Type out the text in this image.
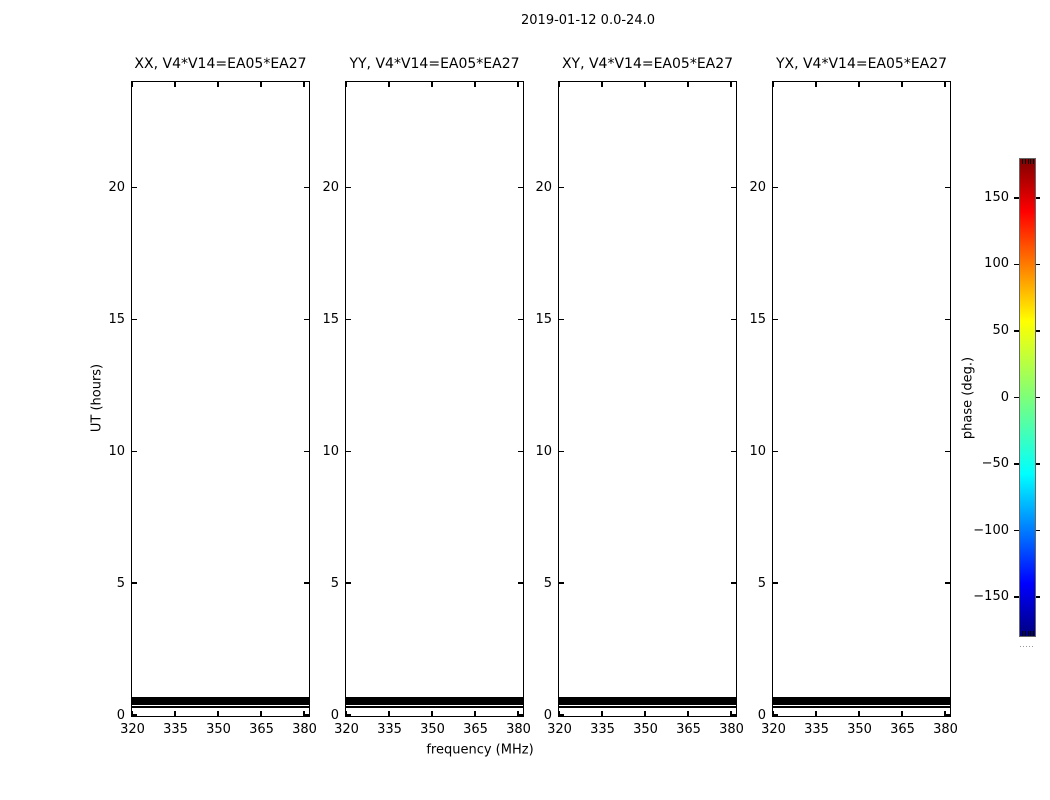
2019-01-12 0.0-24.0
UT (hours)
frequency (MHz)
phase (deg.)
XX, V4*V14=EA05*EA27
320 335 350 365 380
0
5
10
15
20
YY, V4*V14=EA05*EA27
320 335 350 365 380
0
5
10
15
20
XY, V4*V14=EA05*EA27
320 335 350 365 380
0
5
10
15
20
YX, V4*V14=EA05*EA27
320 335 350 365 380
0
5
10
15
20
150
100
50
0
−50
−100
−150
